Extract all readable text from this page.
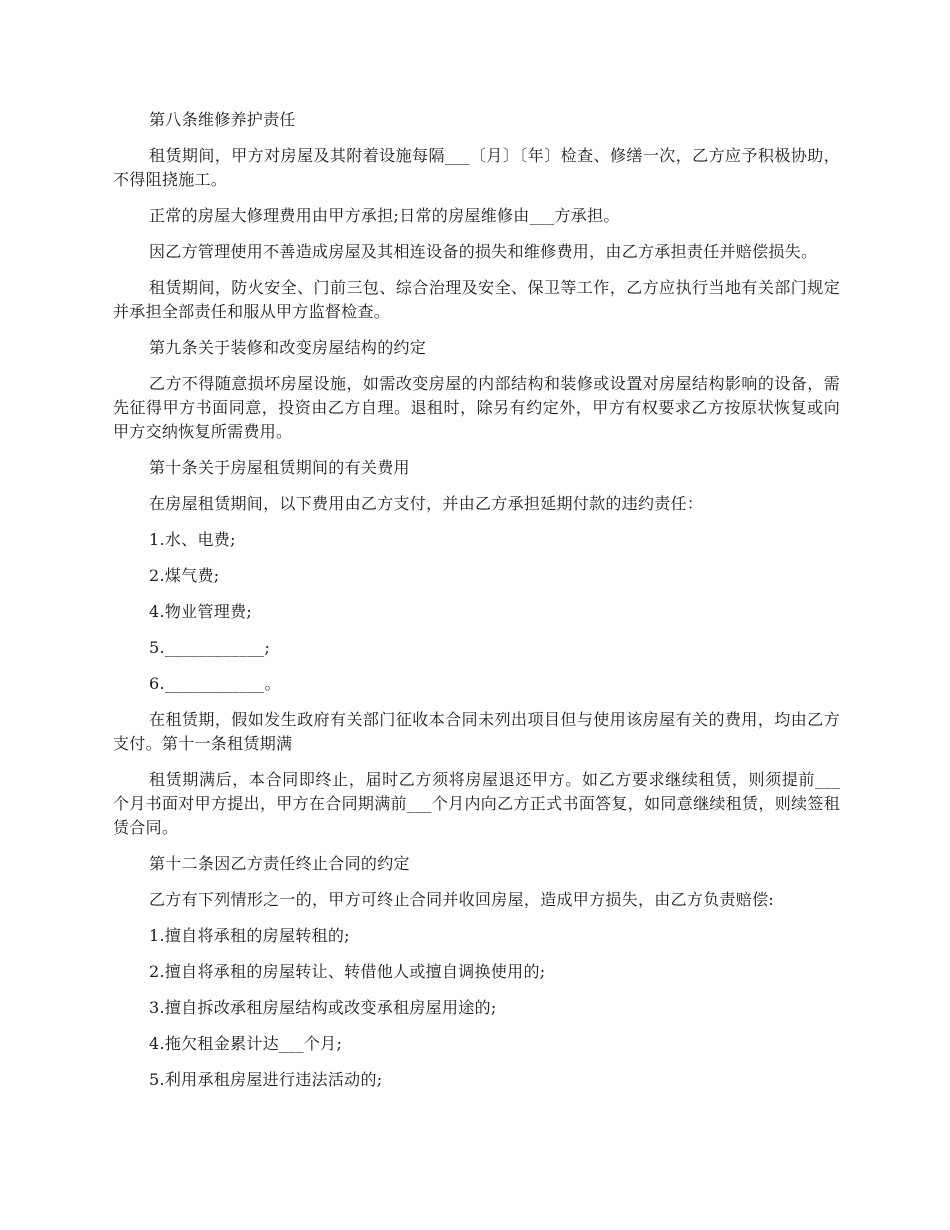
第八条维修养护责任

租赁期间，甲方对房屋及其附着设施每隔___〔月〕〔年〕检查、修缮一次，乙方应予积极协助，不得阻挠施工。

正常的房屋大修理费用由甲方承担;日常的房屋维修由___方承担。

因乙方管理使用不善造成房屋及其相连设备的损失和维修费用，由乙方承担责任并赔偿损失。

租赁期间，防火安全、门前三包、综合治理及安全、保卫等工作，乙方应执行当地有关部门规定并承担全部责任和服从甲方监督检查。

第九条关于装修和改变房屋结构的约定

乙方不得随意损坏房屋设施，如需改变房屋的内部结构和装修或设置对房屋结构影响的设备，需先征得甲方书面同意，投资由乙方自理。退租时，除另有约定外，甲方有权要求乙方按原状恢复或向甲方交纳恢复所需费用。

第十条关于房屋租赁期间的有关费用

在房屋租赁期间，以下费用由乙方支付，并由乙方承担延期付款的违约责任：

1.水、电费;

2.煤气费;

4.物业管理费;

5.____________;

6.____________。

在租赁期，假如发生政府有关部门征收本合同未列出项目但与使用该房屋有关的费用，均由乙方支付。第十一条租赁期满

租赁期满后，本合同即终止，届时乙方须将房屋退还甲方。如乙方要求继续租赁，则须提前___个月书面对甲方提出，甲方在合同期满前___个月内向乙方正式书面答复，如同意继续租赁，则续签租赁合同。

第十二条因乙方责任终止合同的约定

乙方有下列情形之一的，甲方可终止合同并收回房屋，造成甲方损失，由乙方负责赔偿:

1.擅自将承租的房屋转租的;

2.擅自将承租的房屋转让、转借他人或擅自调换使用的;

3.擅自拆改承租房屋结构或改变承租房屋用途的;

4.拖欠租金累计达___个月;

5.利用承租房屋进行违法活动的;
